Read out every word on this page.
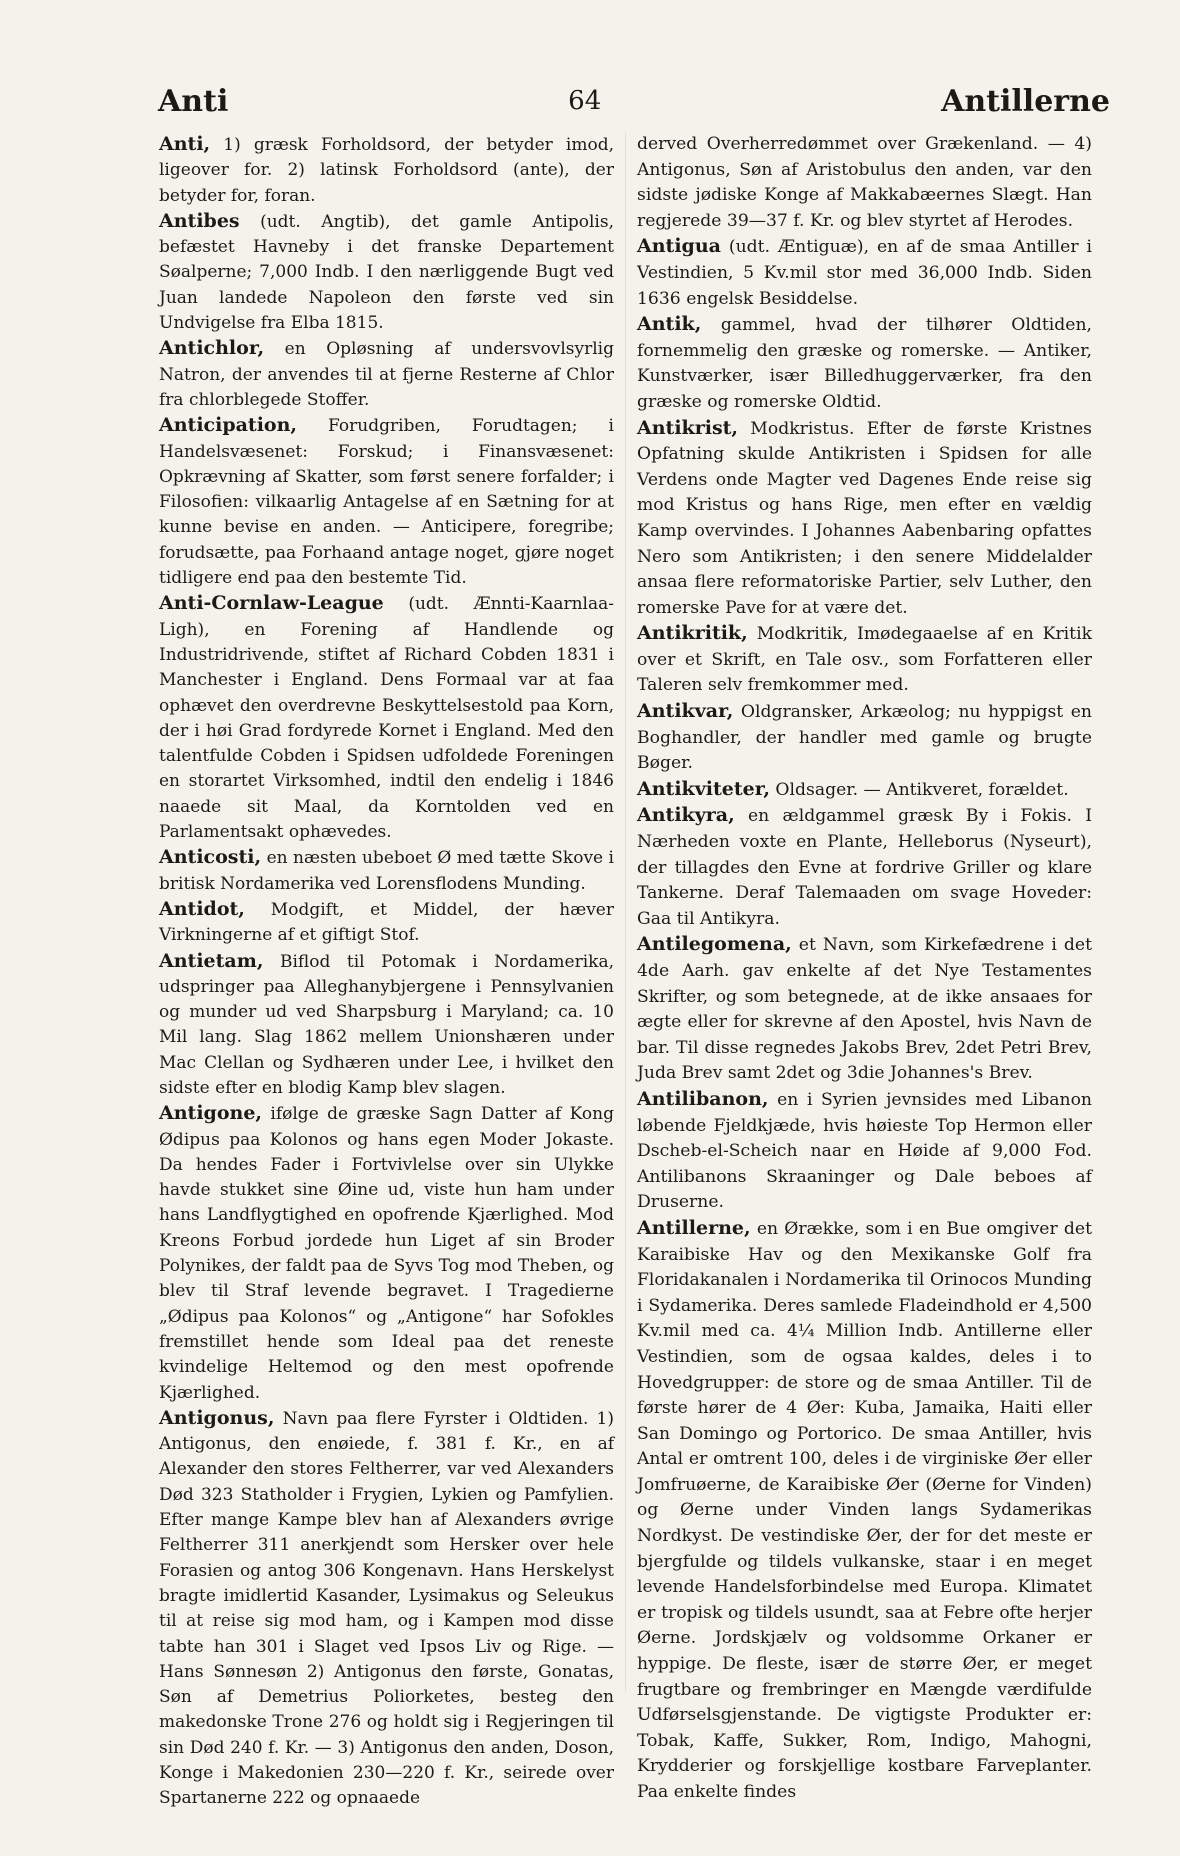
Anti	64	Antillerne

Anti, 1) græsk Forholdsord, der betyder imod, ligeover for. 2) latinsk Forholdsord (ante), der betyder for, foran.

Antibes (udt. Angtib), det gamle Antipolis, befæstet Havneby i det franske Departement Søalperne; 7,000 Indb. I den nærliggende Bugt ved Juan landede Napoleon den første ved sin Undvigelse fra Elba 1815.

Antichlor, en Opløsning af undersvovlsyrlig Natron, der anvendes til at fjerne Resterne af Chlor fra chlorblegede Stoffer.

Anticipation, Forudgriben, Forudtagen; i Handelsvæsenet: Forskud; i Finansvæsenet: Opkrævning af Skatter, som først senere forfalder; i Filosofien: vilkaarlig Antagelse af en Sætning for at kunne bevise en anden. — Anticipere, foregribe; forudsætte, paa Forhaand antage noget, gjøre noget tidligere end paa den bestemte Tid.

Anti-Cornlaw-League (udt. Ænnti-Kaarnlaa-Ligh), en Forening af Handlende og Industridrivende, stiftet af Richard Cobden 1831 i Manchester i England. Dens Formaal var at faa ophævet den overdrevne Beskyttelsestold paa Korn, der i høi Grad fordyrede Kornet i England. Med den talentfulde Cobden i Spidsen udfoldede Foreningen en storartet Virksomhed, indtil den endelig i 1846 naaede sit Maal, da Korntolden ved en Parlamentsakt ophævedes.

Anticosti, en næsten ubeboet Ø med tætte Skove i britisk Nordamerika ved Lorensflodens Munding.

Antidot, Modgift, et Middel, der hæver Virkningerne af et giftigt Stof.

Antietam, Biflod til Potomak i Nordamerika, udspringer paa Alleghanybjergene i Pennsylvanien og munder ud ved Sharpsburg i Maryland; ca. 10 Mil lang. Slag 1862 mellem Unionshæren under Mac Clellan og Sydhæren under Lee, i hvilket den sidste efter en blodig Kamp blev slagen.

Antigone, ifølge de græske Sagn Datter af Kong Ødipus paa Kolonos og hans egen Moder Jokaste. Da hendes Fader i Fortvivlelse over sin Ulykke havde stukket sine Øine ud, viste hun ham under hans Landflygtighed en opofrende Kjærlighed. Mod Kreons Forbud jordede hun Liget af sin Broder Polynikes, der faldt paa de Syvs Tog mod Theben, og blev til Straf levende begravet. I Tragedierne „Ødipus paa Kolonos“ og „Antigone“ har Sofokles fremstillet hende som Ideal paa det reneste kvindelige Heltemod og den mest opofrende Kjærlighed.

Antigonus, Navn paa flere Fyrster i Oldtiden. 1) Antigonus, den enøiede, f. 381 f. Kr., en af Alexander den stores Feltherrer, var ved Alexanders Død 323 Statholder i Frygien, Lykien og Pamfylien. Efter mange Kampe blev han af Alexanders øvrige Feltherrer 311 anerkjendt som Hersker over hele Forasien og antog 306 Kongenavn. Hans Herskelyst bragte imidlertid Kasander, Lysimakus og Seleukus til at reise sig mod ham, og i Kampen mod disse tabte han 301 i Slaget ved Ipsos Liv og Rige. — Hans Sønnesøn 2) Antigonus den første, Gonatas, Søn af Demetrius Poliorketes, besteg den makedonske Trone 276 og holdt sig i Regjeringen til sin Død 240 f. Kr. — 3) Antigonus den anden, Doson, Konge i Makedonien 230—220 f. Kr., seirede over Spartanerne 222 og opnaaede

derved Overherredømmet over Grækenland. — 4) Antigonus, Søn af Aristobulus den anden, var den sidste jødiske Konge af Makkabæernes Slægt. Han regjerede 39—37 f. Kr. og blev styrtet af Herodes.

Antigua (udt. Æntiguæ), en af de smaa Antiller i Vestindien, 5 Kv.mil stor med 36,000 Indb. Siden 1636 engelsk Besiddelse.

Antik, gammel, hvad der tilhører Oldtiden, fornemmelig den græske og romerske. — Antiker, Kunstværker, især Billedhuggerværker, fra den græske og romerske Oldtid.

Antikrist, Modkristus. Efter de første Kristnes Opfatning skulde Antikristen i Spidsen for alle Verdens onde Magter ved Dagenes Ende reise sig mod Kristus og hans Rige, men efter en vældig Kamp overvindes. I Johannes Aabenbaring opfattes Nero som Antikristen; i den senere Middelalder ansaa flere reformatoriske Partier, selv Luther, den romerske Pave for at være det.

Antikritik, Modkritik, Imødegaaelse af en Kritik over et Skrift, en Tale osv., som Forfatteren eller Taleren selv fremkommer med.

Antikvar, Oldgransker, Arkæolog; nu hyppigst en Boghandler, der handler med gamle og brugte Bøger.

Antikviteter, Oldsager. — Antikveret, forældet.

Antikyra, en ældgammel græsk By i Fokis. I Nærheden voxte en Plante, Helleborus (Nyseurt), der tillagdes den Evne at fordrive Griller og klare Tankerne. Deraf Talemaaden om svage Hoveder: Gaa til Antikyra.

Antilegomena, et Navn, som Kirkefædrene i det 4de Aarh. gav enkelte af det Nye Testamentes Skrifter, og som betegnede, at de ikke ansaaes for ægte eller for skrevne af den Apostel, hvis Navn de bar. Til disse regnedes Jakobs Brev, 2det Petri Brev, Juda Brev samt 2det og 3die Johannes's Brev.

Antilibanon, en i Syrien jevnsides med Libanon løbende Fjeldkjæde, hvis høieste Top Hermon eller Dscheb-el-Scheich naar en Høide af 9,000 Fod. Antilibanons Skraaninger og Dale beboes af Druserne.

Antillerne, en Ørække, som i en Bue omgiver det Karaibiske Hav og den Mexikanske Golf fra Floridakanalen i Nordamerika til Orinocos Munding i Sydamerika. Deres samlede Fladeindhold er 4,500 Kv.mil med ca. 4¼ Million Indb. Antillerne eller Vestindien, som de ogsaa kaldes, deles i to Hovedgrupper: de store og de smaa Antiller. Til de første hører de 4 Øer: Kuba, Jamaika, Haiti eller San Domingo og Portorico. De smaa Antiller, hvis Antal er omtrent 100, deles i de virginiske Øer eller Jomfruøerne, de Karaibiske Øer (Øerne for Vinden) og Øerne under Vinden langs Sydamerikas Nordkyst. De vestindiske Øer, der for det meste er bjergfulde og tildels vulkanske, staar i en meget levende Handelsforbindelse med Europa. Klimatet er tropisk og tildels usundt, saa at Febre ofte herjer Øerne. Jordskjælv og voldsomme Orkaner er hyppige. De fleste, især de større Øer, er meget frugtbare og frembringer en Mængde værdifulde Udførselsgjenstande. De vigtigste Produkter er: Tobak, Kaffe, Sukker, Rom, Indigo, Mahogni, Krydderier og forskjellige kostbare Farveplanter. Paa enkelte findes
